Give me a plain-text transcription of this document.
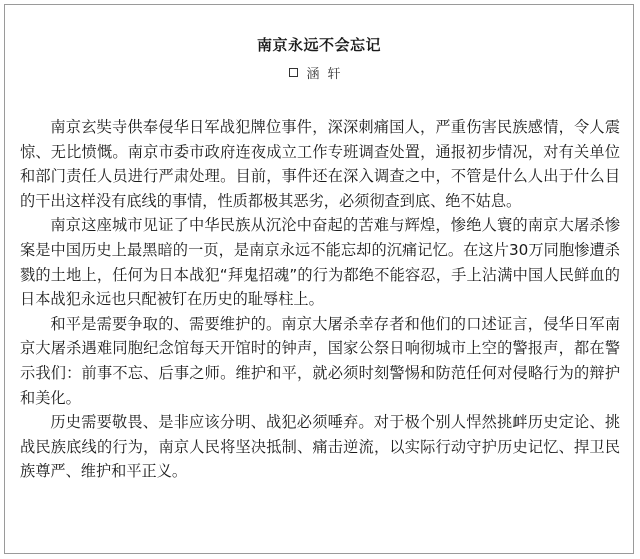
南京永远不会忘记
涵轩

南京玄奘寺供奉侵华日军战犯牌位事件，深深刺痛国人，严重伤害民族感情，令人震惊、无比愤慨。南京市委市政府连夜成立工作专班调查处置，通报初步情况，对有关单位和部门责任人员进行严肃处理。目前，事件还在深入调查之中，不管是什么人出于什么目的干出这样没有底线的事情，性质都极其恶劣，必须彻查到底、绝不姑息。

南京这座城市见证了中华民族从沉沦中奋起的苦难与辉煌，惨绝人寰的南京大屠杀惨案是中国历史上最黑暗的一页，是南京永远不能忘却的沉痛记忆。在这片30万同胞惨遭杀戮的土地上，任何为日本战犯“拜鬼招魂”的行为都绝不能容忍，手上沾满中国人民鲜血的日本战犯永远也只配被钉在历史的耻辱柱上。

和平是需要争取的、需要维护的。南京大屠杀幸存者和他们的口述证言，侵华日军南京大屠杀遇难同胞纪念馆每天开馆时的钟声，国家公祭日响彻城市上空的警报声，都在警示我们：前事不忘、后事之师。维护和平，就必须时刻警惕和防范任何对侵略行为的辩护和美化。

历史需要敬畏、是非应该分明、战犯必须唾弃。对于极个别人悍然挑衅历史定论、挑战民族底线的行为，南京人民将坚决抵制、痛击逆流，以实际行动守护历史记忆、捍卫民族尊严、维护和平正义。
